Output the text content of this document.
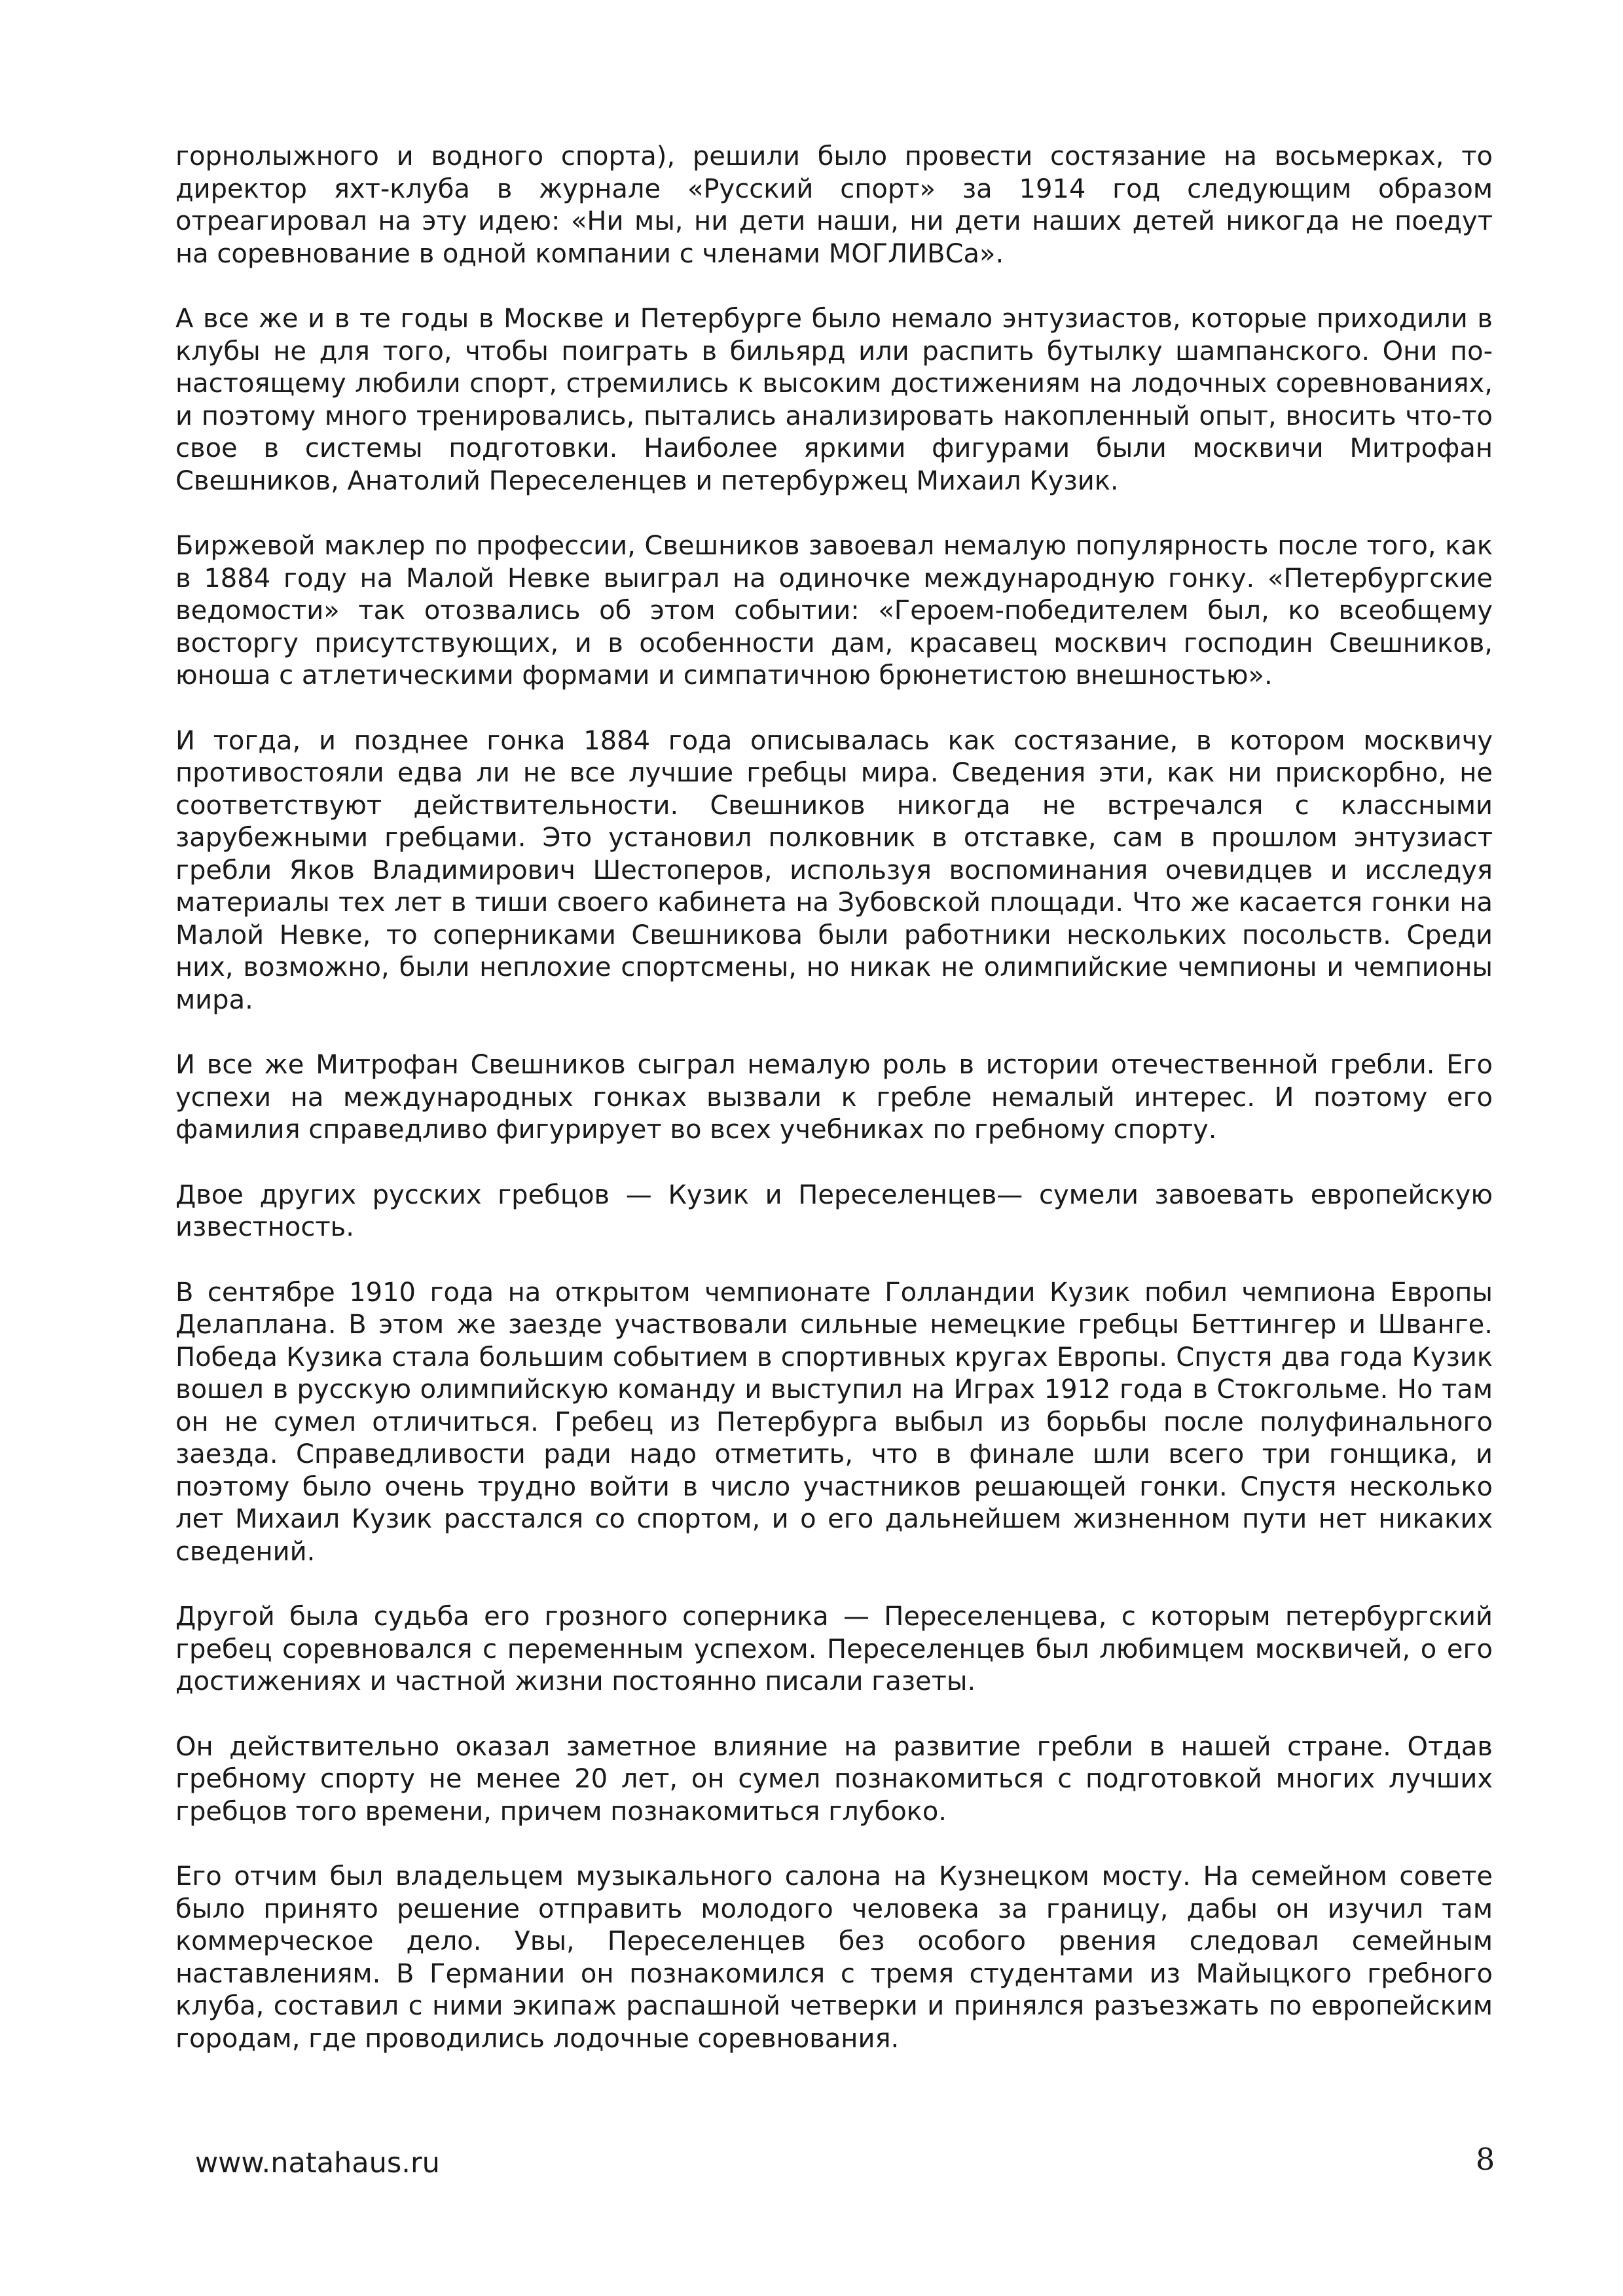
горнолыжного и водного спорта), решили было провести состязание на восьмерках, то директор яхт-клуба в журнале «Русский спорт» за 1914 год следующим образом отреагировал на эту идею: «Ни мы, ни дети наши, ни дети наших детей никогда не поедут на соревнование в одной компании с членами МОГЛИВСа».

А все же и в те годы в Москве и Петербурге было немало энтузиастов, которые приходили в клубы не для того, чтобы поиграть в бильярд или распить бутылку шампанского. Они по-настоящему любили спорт, стремились к высоким достижениям на лодочных соревнованиях, и поэтому много тренировались, пытались анализировать накопленный опыт, вносить что-то свое в системы подготовки. Наиболее яркими фигурами были москвичи Митрофан Свешников, Анатолий Переселенцев и петербуржец Михаил Кузик.

Биржевой маклер по профессии, Свешников завоевал немалую популярность после того, как в 1884 году на Малой Невке выиграл на одиночке международную гонку. «Петербургские ведомости» так отозвались об этом событии: «Героем-победителем был, ко всеобщему восторгу присутствующих, и в особенности дам, красавец москвич господин Свешников, юноша с атлетическими формами и симпатичною брюнетистою внешностью».

И тогда, и позднее гонка 1884 года описывалась как состязание, в котором москвичу противостояли едва ли не все лучшие гребцы мира. Сведения эти, как ни прискорбно, не соответствуют действительности. Свешников никогда не встречался с классными зарубежными гребцами. Это установил полковник в отставке, сам в прошлом энтузиаст гребли Яков Владимирович Шестоперов, используя воспоминания очевидцев и исследуя материалы тех лет в тиши своего кабинета на Зубовской площади. Что же касается гонки на Малой Невке, то соперниками Свешникова были работники нескольких посольств. Среди них, возможно, были неплохие спортсмены, но никак не олимпийские чемпионы и чемпионы мира.

И все же Митрофан Свешников сыграл немалую роль в истории отечественной гребли. Его успехи на международных гонках вызвали к гребле немалый интерес. И поэтому его фамилия справедливо фигурирует во всех учебниках по гребному спорту.

Двое других русских гребцов — Кузик и Переселенцев— сумели завоевать европейскую известность.

В сентябре 1910 года на открытом чемпионате Голландии Кузик побил чемпиона Европы Делаплана. В этом же заезде участвовали сильные немецкие гребцы Беттингер и Шванге. Победа Кузика стала большим событием в спортивных кругах Европы. Спустя два года Кузик вошел в русскую олимпийскую команду и выступил на Играх 1912 года в Стокгольме. Но там он не сумел отличиться. Гребец из Петербурга выбыл из борьбы после полуфинального заезда. Справедливости ради надо отметить, что в финале шли всего три гонщика, и поэтому было очень трудно войти в число участников решающей гонки. Спустя несколько лет Михаил Кузик расстался со спортом, и о его дальнейшем жизненном пути нет никаких сведений.

Другой была судьба его грозного соперника — Переселенцева, с которым петербургский гребец соревновался с переменным успехом. Переселенцев был любимцем москвичей, о его достижениях и частной жизни постоянно писали газеты.

Он действительно оказал заметное влияние на развитие гребли в нашей стране. Отдав гребному спорту не менее 20 лет, он сумел познакомиться с подготовкой многих лучших гребцов того времени, причем познакомиться глубоко.

Его отчим был владельцем музыкального салона на Кузнецком мосту. На семейном совете было принято решение отправить молодого человека за границу, дабы он изучил там коммерческое дело. Увы, Переселенцев без особого рвения следовал семейным наставлениям. В Германии он познакомился с тремя студентами из Майыцкого гребного клуба, составил с ними экипаж распашной четверки и принялся разъезжать по европейским городам, где проводились лодочные соревнования.

www.natahaus.ru	8
